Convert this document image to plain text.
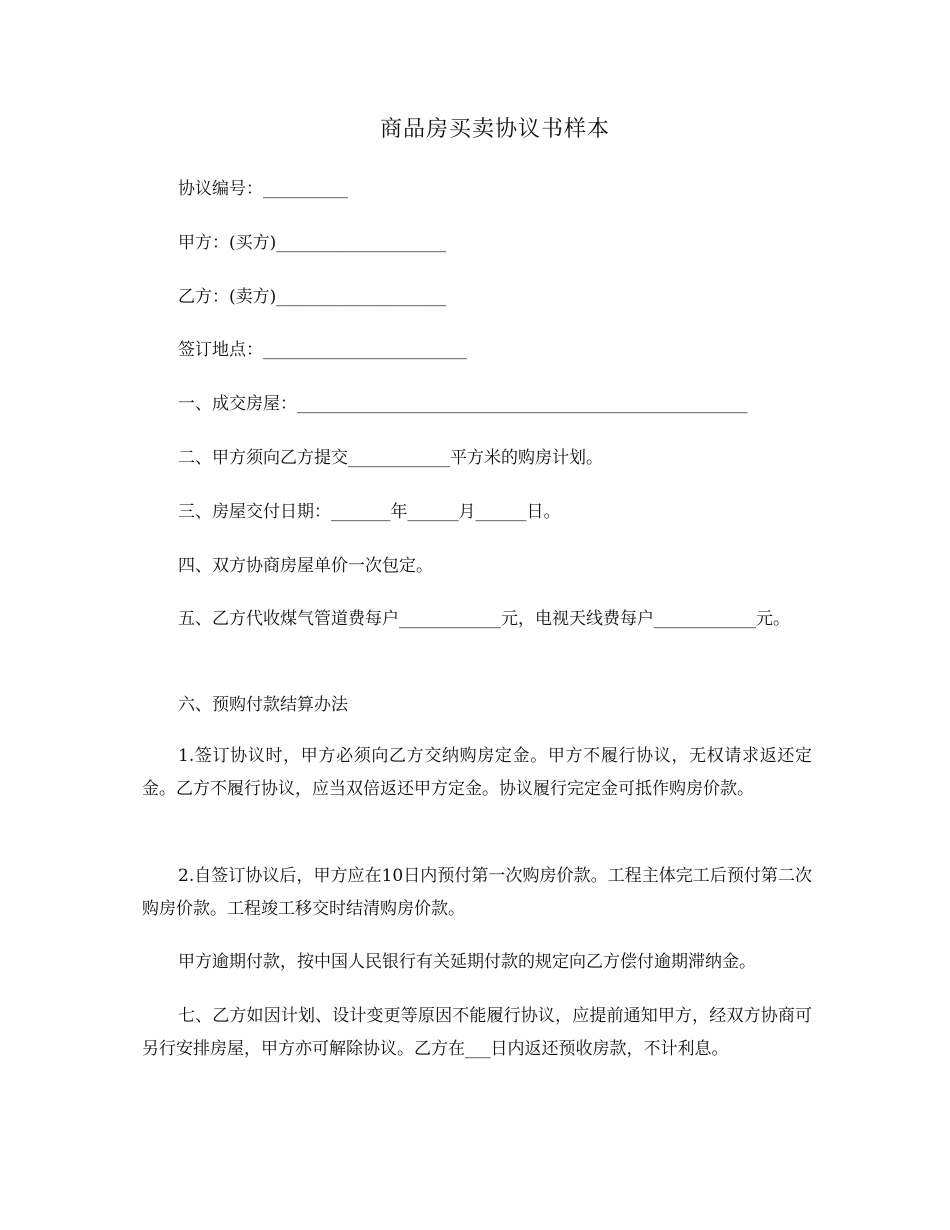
商品房买卖协议书样本
协议编号：__________
甲方：(买方)____________________
乙方：(卖方)____________________
签订地点：________________________
一、成交房屋：_____________________________________________________
二、甲方须向乙方提交____________平方米的购房计划。
三、房屋交付日期：_______年______月______日。
四、双方协商房屋单价一次包定。
五、乙方代收煤气管道费每户____________元，电视天线费每户____________元。
六、预购付款结算办法
1.签订协议时，甲方必须向乙方交纳购房定金。甲方不履行协议，无权请求返还定金。乙方不履行协议，应当双倍返还甲方定金。协议履行完定金可抵作购房价款。
2.自签订协议后，甲方应在10日内预付第一次购房价款。工程主体完工后预付第二次购房价款。工程竣工移交时结清购房价款。
甲方逾期付款，按中国人民银行有关延期付款的规定向乙方偿付逾期滞纳金。
七、乙方如因计划、设计变更等原因不能履行协议，应提前通知甲方，经双方协商可另行安排房屋，甲方亦可解除协议。乙方在___日内返还预收房款，不计利息。
